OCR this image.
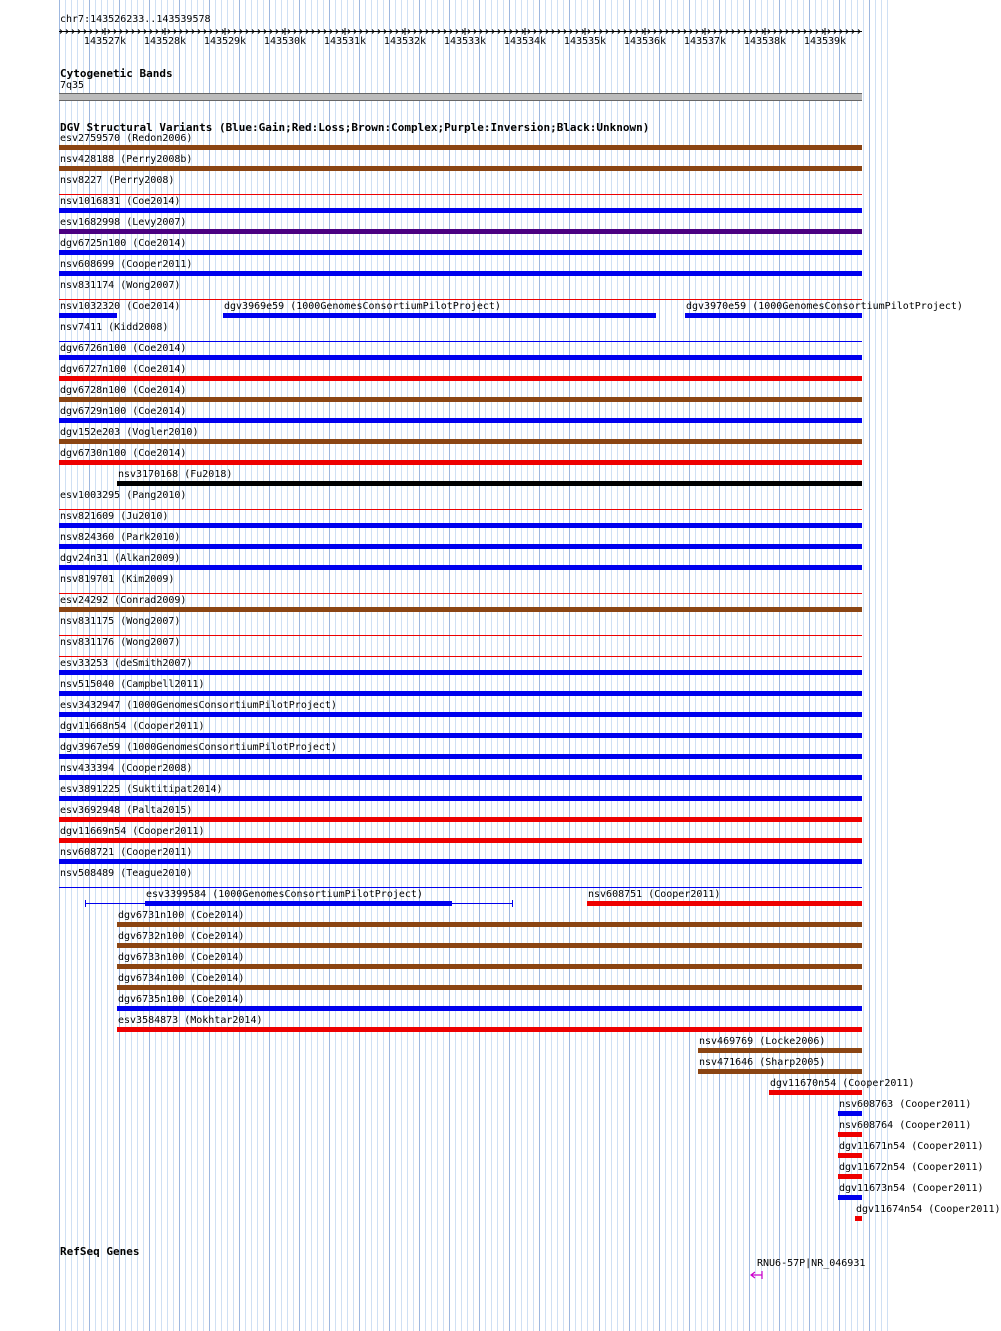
chr7:143526233..143539578
143527k 143528k 143529k 143530k 143531k 143532k 143533k 143534k 143535k 143536k 143537k 143538k 143539k
Cytogenetic Bands
7q35
DGV Structural Variants (Blue:Gain;Red:Loss;Brown:Complex;Purple:Inversion;Black:Unknown)
esv2759570 (Redon2006)
nsv428188 (Perry2008b)
nsv8227 (Perry2008)
nsv1016831 (Coe2014)
esv1682998 (Levy2007)
dgv6725n100 (Coe2014)
nsv608699 (Cooper2011)
nsv831174 (Wong2007)
nsv1032320 (Coe2014)	dgv3969e59 (1000GenomesConsortiumPilotProject)	dgv3970e59 (1000GenomesConsortiumPilotProject)
nsv7411 (Kidd2008)
dgv6726n100 (Coe2014)
dgv6727n100 (Coe2014)
dgv6728n100 (Coe2014)
dgv6729n100 (Coe2014)
dgv152e203 (Vogler2010)
dgv6730n100 (Coe2014)
nsv3170168 (Fu2018)
esv1003295 (Pang2010)
nsv821609 (Ju2010)
nsv824360 (Park2010)
dgv24n31 (Alkan2009)
nsv819701 (Kim2009)
esv24292 (Conrad2009)
nsv831175 (Wong2007)
nsv831176 (Wong2007)
esv33253 (deSmith2007)
nsv515040 (Campbell2011)
esv3432947 (1000GenomesConsortiumPilotProject)
dgv11668n54 (Cooper2011)
dgv3967e59 (1000GenomesConsortiumPilotProject)
nsv433394 (Cooper2008)
esv3891225 (Suktitipat2014)
esv3692948 (Palta2015)
dgv11669n54 (Cooper2011)
nsv608721 (Cooper2011)
nsv508489 (Teague2010)
esv3399584 (1000GenomesConsortiumPilotProject)	nsv608751 (Cooper2011)
dgv6731n100 (Coe2014)
dgv6732n100 (Coe2014)
dgv6733n100 (Coe2014)
dgv6734n100 (Coe2014)
dgv6735n100 (Coe2014)
esv3584873 (Mokhtar2014)
nsv469769 (Locke2006)
nsv471646 (Sharp2005)
dgv11670n54 (Cooper2011)
nsv608763 (Cooper2011)
nsv608764 (Cooper2011)
dgv11671n54 (Cooper2011)
dgv11672n54 (Cooper2011)
dgv11673n54 (Cooper2011)
dgv11674n54 (Cooper2011)
RefSeq Genes
RNU6-57P|NR_046931
